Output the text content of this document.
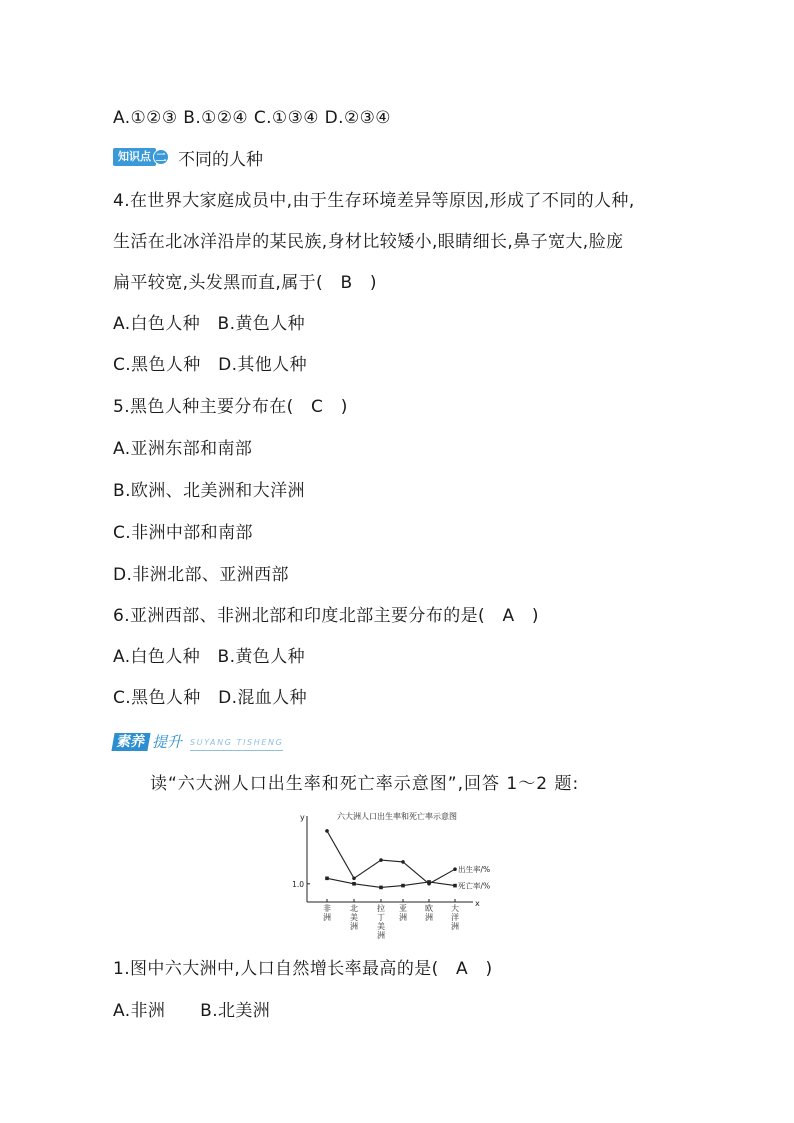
A.①②③ B.①②④ C.①③④ D.②③④
知识点 二 不同的人种
4.在世界大家庭成员中,由于生存环境差异等原因,形成了不同的人种,
生活在北冰洋沿岸的某民族,身材比较矮小,眼睛细长,鼻子宽大,脸庞
扁平较宽,头发黑而直,属于(　B　)
A.白色人种　B.黄色人种
C.黑色人种　D.其他人种
5.黑色人种主要分布在(　C　)
A.亚洲东部和南部
B.欧洲、北美洲和大洋洲
C.非洲中部和南部
D.非洲北部、亚洲西部
6.亚洲西部、非洲北部和印度北部主要分布的是(　A　)
A.白色人种　B.黄色人种
C.黑色人种　D.混血人种
素养 提升 SUYANG TISHENG
读“六大洲人口出生率和死亡率示意图”,回答 1～2 题:
y
x
1.0
非洲
北美洲
拉丁美洲
亚洲
欧洲
大洋洲
六大洲人口出生率和死亡率示意图
出生率/%
死亡率/%
1.图中六大洲中,人口自然增长率最高的是(　A　)
A.非洲　　B.北美洲
